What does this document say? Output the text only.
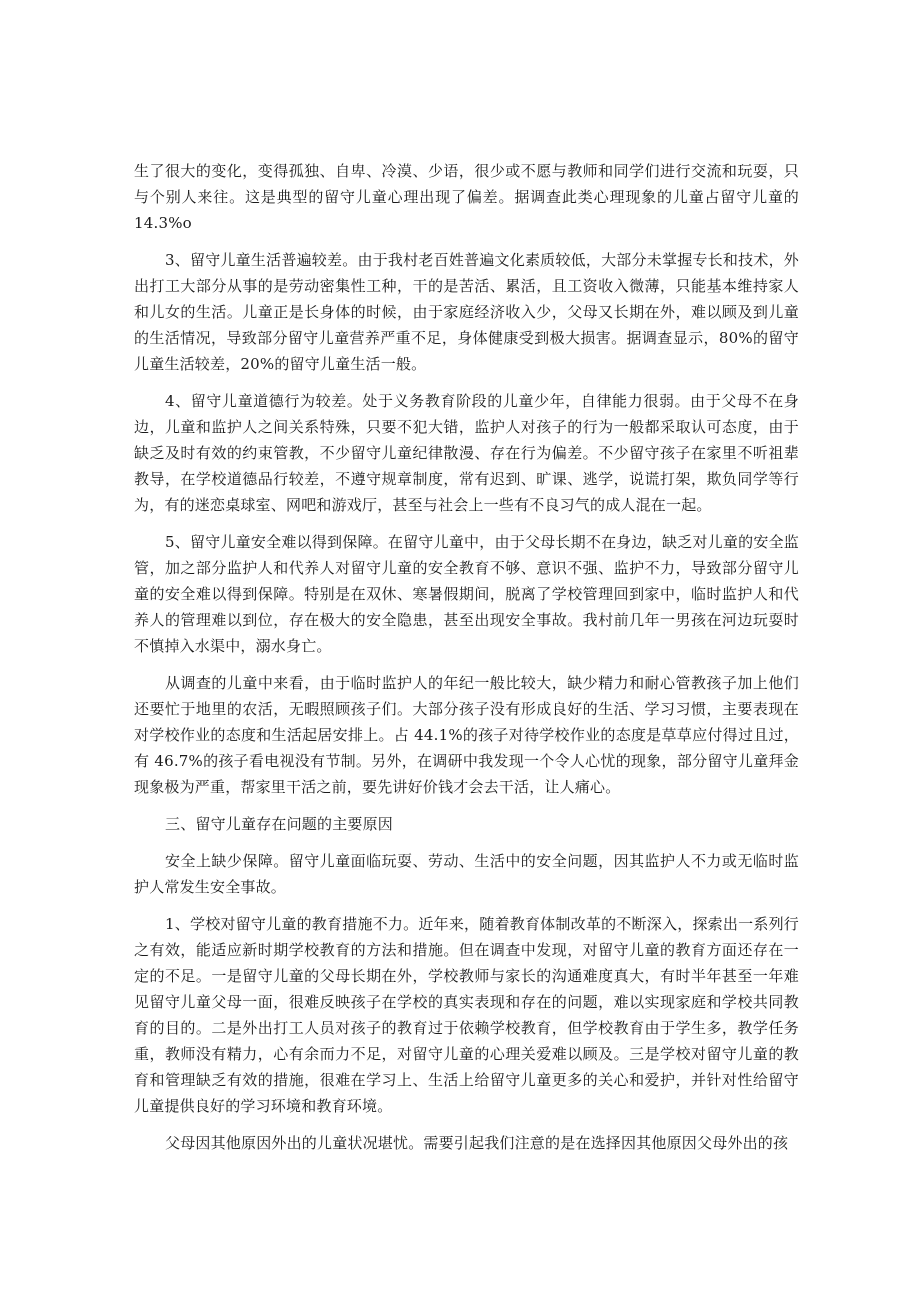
生了很大的变化，变得孤独、自卑、冷漠、少语，很少或不愿与教师和同学们进行交流和玩耍，只与个别人来往。这是典型的留守儿童心理出现了偏差。据调查此类心理现象的儿童占留守儿童的 14.3%o

3、留守儿童生活普遍较差。由于我村老百姓普遍文化素质较低，大部分未掌握专长和技术，外出打工大部分从事的是劳动密集性工种，干的是苦活、累活，且工资收入微薄，只能基本维持家人和儿女的生活。儿童正是长身体的时候，由于家庭经济收入少，父母又长期在外，难以顾及到儿童的生活情况，导致部分留守儿童营养严重不足，身体健康受到极大损害。据调查显示，80%的留守儿童生活较差，20%的留守儿童生活一般。

4、留守儿童道德行为较差。处于义务教育阶段的儿童少年，自律能力很弱。由于父母不在身边，儿童和监护人之间关系特殊，只要不犯大错，监护人对孩子的行为一般都采取认可态度，由于缺乏及时有效的约束管教，不少留守儿童纪律散漫、存在行为偏差。不少留守孩子在家里不听祖辈教导，在学校道德品行较差，不遵守规章制度，常有迟到、旷课、逃学，说谎打架，欺负同学等行为，有的迷恋桌球室、网吧和游戏厅，甚至与社会上一些有不良习气的成人混在一起。

5、留守儿童安全难以得到保障。在留守儿童中，由于父母长期不在身边，缺乏对儿童的安全监管，加之部分监护人和代养人对留守儿童的安全教育不够、意识不强、监护不力，导致部分留守儿童的安全难以得到保障。特别是在双休、寒暑假期间，脱离了学校管理回到家中，临时监护人和代养人的管理难以到位，存在极大的安全隐患，甚至出现安全事故。我村前几年一男孩在河边玩耍时不慎掉入水渠中，溺水身亡。

从调查的儿童中来看，由于临时监护人的年纪一般比较大，缺少精力和耐心管教孩子加上他们还要忙于地里的农活，无暇照顾孩子们。大部分孩子没有形成良好的生活、学习习惯，主要表现在对学校作业的态度和生活起居安排上。占 44.1%的孩子对待学校作业的态度是草草应付得过且过，有 46.7%的孩子看电视没有节制。另外，在调研中我发现一个令人心忧的现象，部分留守儿童拜金现象极为严重，帮家里干活之前，要先讲好价钱才会去干活，让人痛心。

三、留守儿童存在问题的主要原因

安全上缺少保障。留守儿童面临玩耍、劳动、生活中的安全问题，因其监护人不力或无临时监护人常发生安全事故。

1、学校对留守儿童的教育措施不力。近年来，随着教育体制改革的不断深入，探索出一系列行之有效，能适应新时期学校教育的方法和措施。但在调查中发现，对留守儿童的教育方面还存在一定的不足。一是留守儿童的父母长期在外，学校教师与家长的沟通难度真大，有时半年甚至一年难见留守儿童父母一面，很难反映孩子在学校的真实表现和存在的问题，难以实现家庭和学校共同教育的目的。二是外出打工人员对孩子的教育过于依赖学校教育，但学校教育由于学生多，教学任务重，教师没有精力，心有余而力不足，对留守儿童的心理关爱难以顾及。三是学校对留守儿童的教育和管理缺乏有效的措施，很难在学习上、生活上给留守儿童更多的关心和爱护，并针对性给留守儿童提供良好的学习环境和教育环境。

父母因其他原因外出的儿童状况堪忧。需要引起我们注意的是在选择因其他原因父母外出的孩
